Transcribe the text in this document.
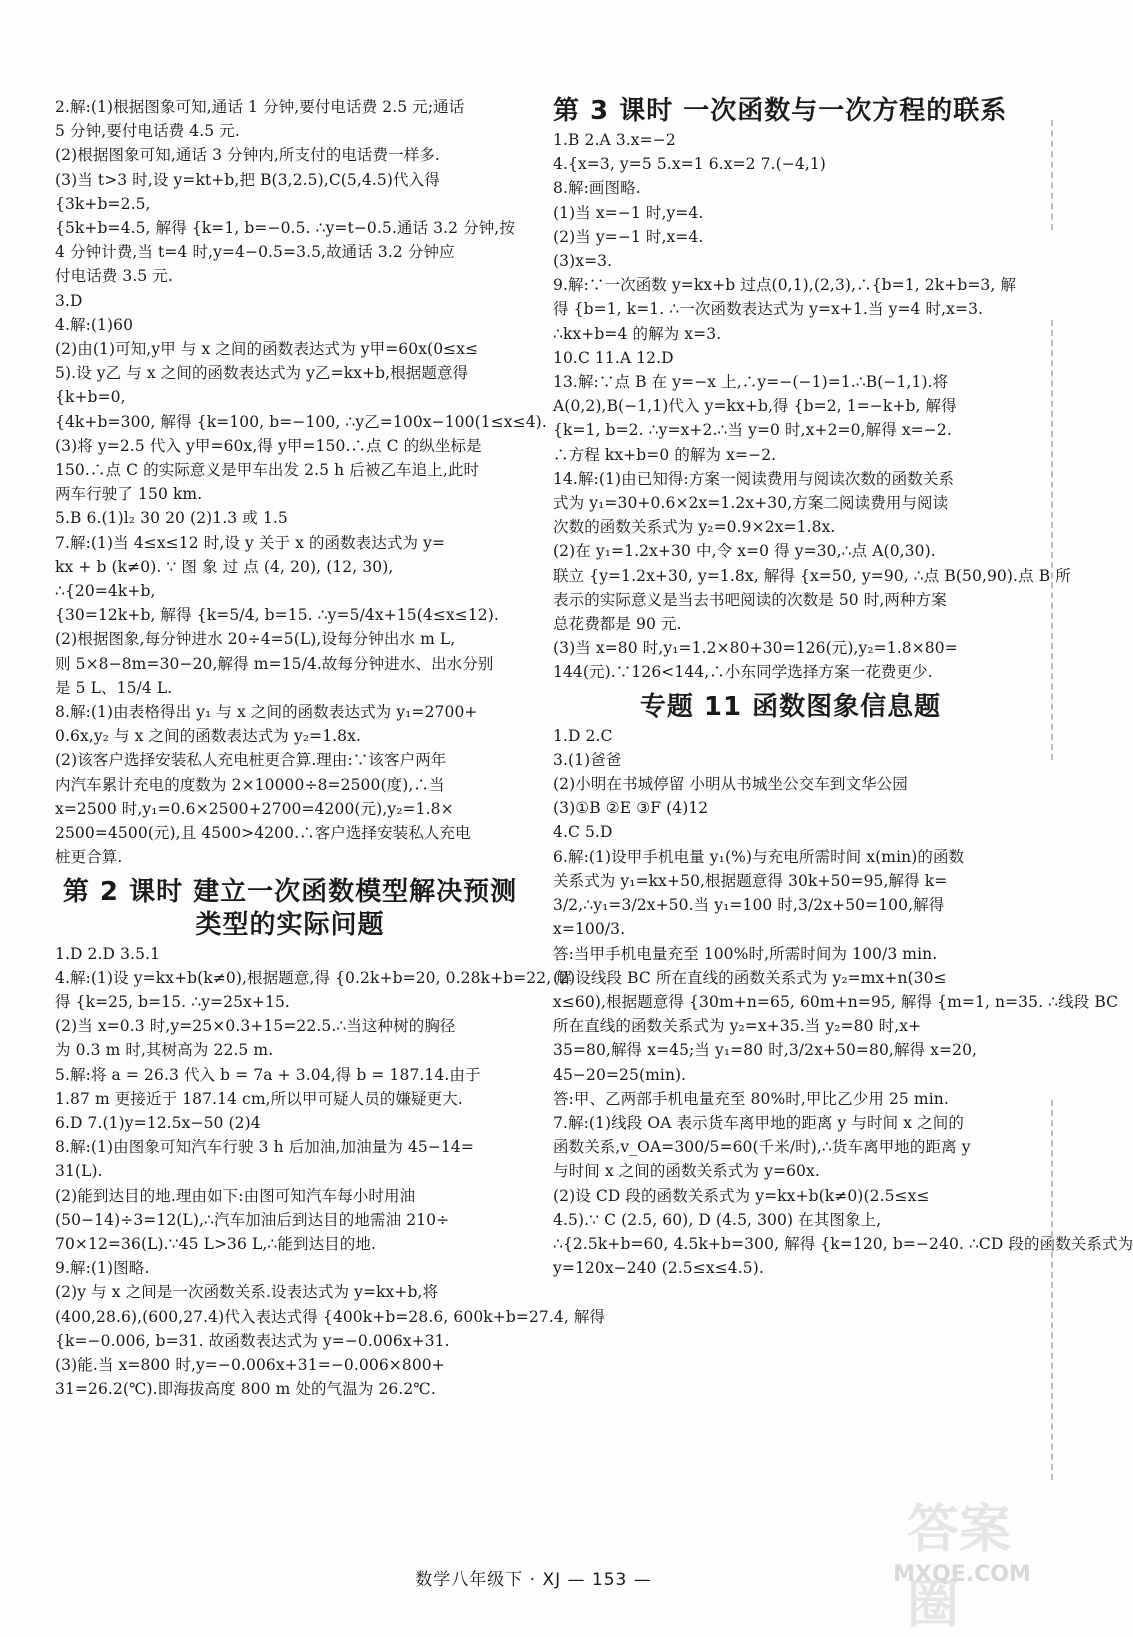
2.解:(1)根据图象可知,通话 1 分钟,要付电话费 2.5 元;通话
5 分钟,要付电话费 4.5 元.
(2)根据图象可知,通话 3 分钟内,所支付的电话费一样多.
(3)当 t>3 时,设 y=kt+b,把 B(3,2.5),C(5,4.5)代入得
{3k+b=2.5,
{5k+b=4.5, 解得 {k=1, b=−0.5. ∴y=t−0.5.通话 3.2 分钟,按
4 分钟计费,当 t=4 时,y=4−0.5=3.5,故通话 3.2 分钟应
付电话费 3.5 元.
3.D
4.解:(1)60
(2)由(1)可知,y甲 与 x 之间的函数表达式为 y甲=60x(0≤x≤
5).设 y乙 与 x 之间的函数表达式为 y乙=kx+b,根据题意得
{k+b=0,
{4k+b=300, 解得 {k=100, b=−100, ∴y乙=100x−100(1≤x≤4).
(3)将 y=2.5 代入 y甲=60x,得 y甲=150.∴点 C 的纵坐标是
150.∴点 C 的实际意义是甲车出发 2.5 h 后被乙车追上,此时
两车行驶了 150 km.
5.B 6.(1)l₂ 30 20 (2)1.3 或 1.5
7.解:(1)当 4≤x≤12 时,设 y 关于 x 的函数表达式为 y=
kx + b (k≠0). ∵ 图 象 过 点 (4, 20), (12, 30),
∴{20=4k+b,
{30=12k+b, 解得 {k=5/4, b=15. ∴y=5/4x+15(4≤x≤12).
(2)根据图象,每分钟进水 20÷4=5(L),设每分钟出水 m L,
则 5×8−8m=30−20,解得 m=15/4.故每分钟进水、出水分别
是 5 L、15/4 L.
8.解:(1)由表格得出 y₁ 与 x 之间的函数表达式为 y₁=2700+
0.6x,y₂ 与 x 之间的函数表达式为 y₂=1.8x.
(2)该客户选择安装私人充电桩更合算.理由:∵该客户两年
内汽车累计充电的度数为 2×10000÷8=2500(度),∴当
x=2500 时,y₁=0.6×2500+2700=4200(元),y₂=1.8×
2500=4500(元),且 4500>4200.∴客户选择安装私人充电
桩更合算.
第 2 课时 建立一次函数模型解决预测
类型的实际问题
1.D 2.D 3.5.1
4.解:(1)设 y=kx+b(k≠0),根据题意,得 {0.2k+b=20, 0.28k+b=22, 解
得 {k=25, b=15. ∴y=25x+15.
(2)当 x=0.3 时,y=25×0.3+15=22.5.∴当这种树的胸径
为 0.3 m 时,其树高为 22.5 m.
5.解:将 a = 26.3 代入 b = 7a + 3.04,得 b = 187.14.由于
1.87 m 更接近于 187.14 cm,所以甲可疑人员的嫌疑更大.
6.D 7.(1)y=12.5x−50 (2)4
8.解:(1)由图象可知汽车行驶 3 h 后加油,加油量为 45−14=
31(L).
(2)能到达目的地.理由如下:由图可知汽车每小时用油
(50−14)÷3=12(L),∴汽车加油后到达目的地需油 210÷
70×12=36(L).∵45 L>36 L,∴能到达目的地.
9.解:(1)图略.
(2)y 与 x 之间是一次函数关系.设表达式为 y=kx+b,将
(400,28.6),(600,27.4)代入表达式得 {400k+b=28.6, 600k+b=27.4, 解得
{k=−0.006, b=31. 故函数表达式为 y=−0.006x+31.
(3)能.当 x=800 时,y=−0.006x+31=−0.006×800+
31=26.2(℃).即海拔高度 800 m 处的气温为 26.2℃.
第 3 课时 一次函数与一次方程的联系
1.B 2.A 3.x=−2
4.{x=3, y=5 5.x=1 6.x=2 7.(−4,1)
8.解:画图略.
(1)当 x=−1 时,y=4.
(2)当 y=−1 时,x=4.
(3)x=3.
9.解:∵一次函数 y=kx+b 过点(0,1),(2,3),∴{b=1, 2k+b=3, 解
得 {b=1, k=1. ∴一次函数表达式为 y=x+1.当 y=4 时,x=3.
∴kx+b=4 的解为 x=3.
10.C 11.A 12.D
13.解:∵点 B 在 y=−x 上,∴y=−(−1)=1.∴B(−1,1).将
A(0,2),B(−1,1)代入 y=kx+b,得 {b=2, 1=−k+b, 解得
{k=1, b=2. ∴y=x+2.∴当 y=0 时,x+2=0,解得 x=−2.
∴方程 kx+b=0 的解为 x=−2.
14.解:(1)由已知得:方案一阅读费用与阅读次数的函数关系
式为 y₁=30+0.6×2x=1.2x+30,方案二阅读费用与阅读
次数的函数关系式为 y₂=0.9×2x=1.8x.
(2)在 y₁=1.2x+30 中,令 x=0 得 y=30,∴点 A(0,30).
联立 {y=1.2x+30, y=1.8x, 解得 {x=50, y=90, ∴点 B(50,90).点 B 所
表示的实际意义是当去书吧阅读的次数是 50 时,两种方案
总花费都是 90 元.
(3)当 x=80 时,y₁=1.2×80+30=126(元),y₂=1.8×80=
144(元).∵126<144,∴小东同学选择方案一花费更少.
专题 11 函数图象信息题
1.D 2.C
3.(1)爸爸
(2)小明在书城停留 小明从书城坐公交车到文华公园
(3)①B ②E ③F (4)12
4.C 5.D
6.解:(1)设甲手机电量 y₁(%)与充电所需时间 x(min)的函数
关系式为 y₁=kx+50,根据题意得 30k+50=95,解得 k=
3/2,∴y₁=3/2x+50.当 y₁=100 时,3/2x+50=100,解得
x=100/3.
答:当甲手机电量充至 100%时,所需时间为 100/3 min.
(2)设线段 BC 所在直线的函数关系式为 y₂=mx+n(30≤
x≤60),根据题意得 {30m+n=65, 60m+n=95, 解得 {m=1, n=35. ∴线段 BC
所在直线的函数关系式为 y₂=x+35.当 y₂=80 时,x+
35=80,解得 x=45;当 y₁=80 时,3/2x+50=80,解得 x=20,
45−20=25(min).
答:甲、乙两部手机电量充至 80%时,甲比乙少用 25 min.
7.解:(1)线段 OA 表示货车离甲地的距离 y 与时间 x 之间的
函数关系,v_OA=300/5=60(千米/时),∴货车离甲地的距离 y
与时间 x 之间的函数关系式为 y=60x.
(2)设 CD 段的函数关系式为 y=kx+b(k≠0)(2.5≤x≤
4.5).∵ C (2.5, 60), D (4.5, 300) 在其图象上,
∴{2.5k+b=60, 4.5k+b=300, 解得 {k=120, b=−240. ∴CD 段的函数关系式为
y=120x−240 (2.5≤x≤4.5).
数学八年级下 · XJ — 153 —
答案圈
MXQE.COM
